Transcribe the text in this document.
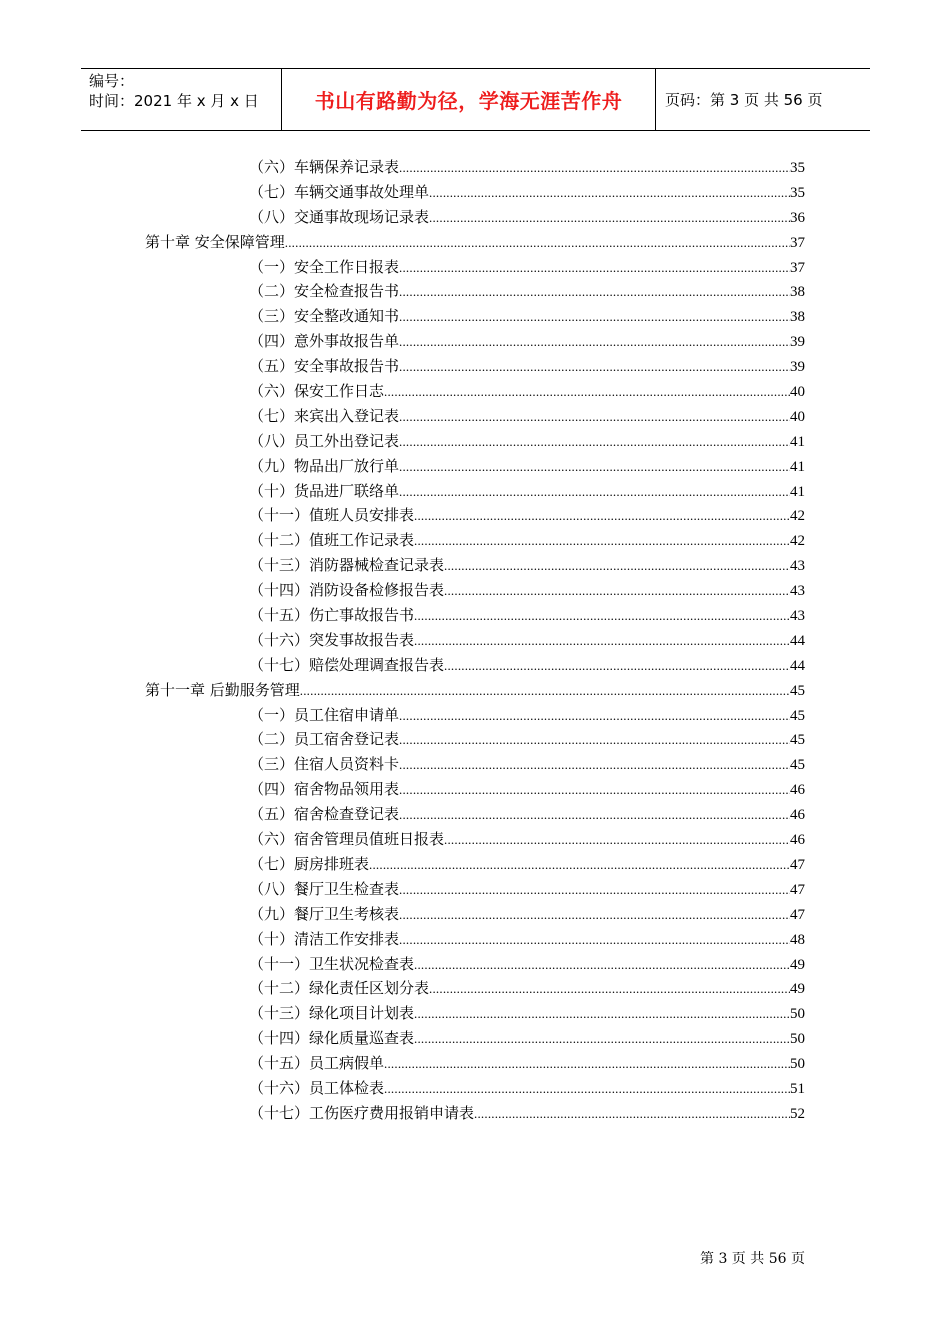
编号：
时间：2021 年 x 月 x 日	书山有路勤为径，学海无涯苦作舟	页码：第 3 页 共 56 页
（六）车辆保养记录表 .....	35
（七）车辆交通事故处理单 .....	35
（八）交通事故现场记录表 .....	36
第十章 安全保障管理 .....	37
（一）安全工作日报表 .....	37
（二）安全检查报告书 .....	38
（三）安全整改通知书 .....	38
（四）意外事故报告单 .....	39
（五）安全事故报告书 .....	39
（六）保安工作日志 .....	40
（七）来宾出入登记表 .....	40
（八）员工外出登记表 .....	41
（九）物品出厂放行单 .....	41
（十）货品进厂联络单 .....	41
（十一）值班人员安排表 .....	42
（十二）值班工作记录表 .....	42
（十三）消防器械检查记录表 .....	43
（十四）消防设备检修报告表 .....	43
（十五）伤亡事故报告书 .....	43
（十六）突发事故报告表 .....	44
（十七）赔偿处理调查报告表 .....	44
第十一章 后勤服务管理 .....	45
（一）员工住宿申请单 .....	45
（二）员工宿舍登记表 .....	45
（三）住宿人员资料卡 .....	45
（四）宿舍物品领用表 .....	46
（五）宿舍检查登记表 .....	46
（六）宿舍管理员值班日报表 .....	46
（七）厨房排班表 .....	47
（八）餐厅卫生检查表 .....	47
（九）餐厅卫生考核表 .....	47
（十）清洁工作安排表 .....	48
（十一）卫生状况检查表 .....	49
（十二）绿化责任区划分表 .....	49
（十三）绿化项目计划表 .....	50
（十四）绿化质量巡查表 .....	50
（十五）员工病假单 .....	50
（十六）员工体检表 .....	51
（十七）工伤医疗费用报销申请表 .....	52
第 3 页 共 56 页
